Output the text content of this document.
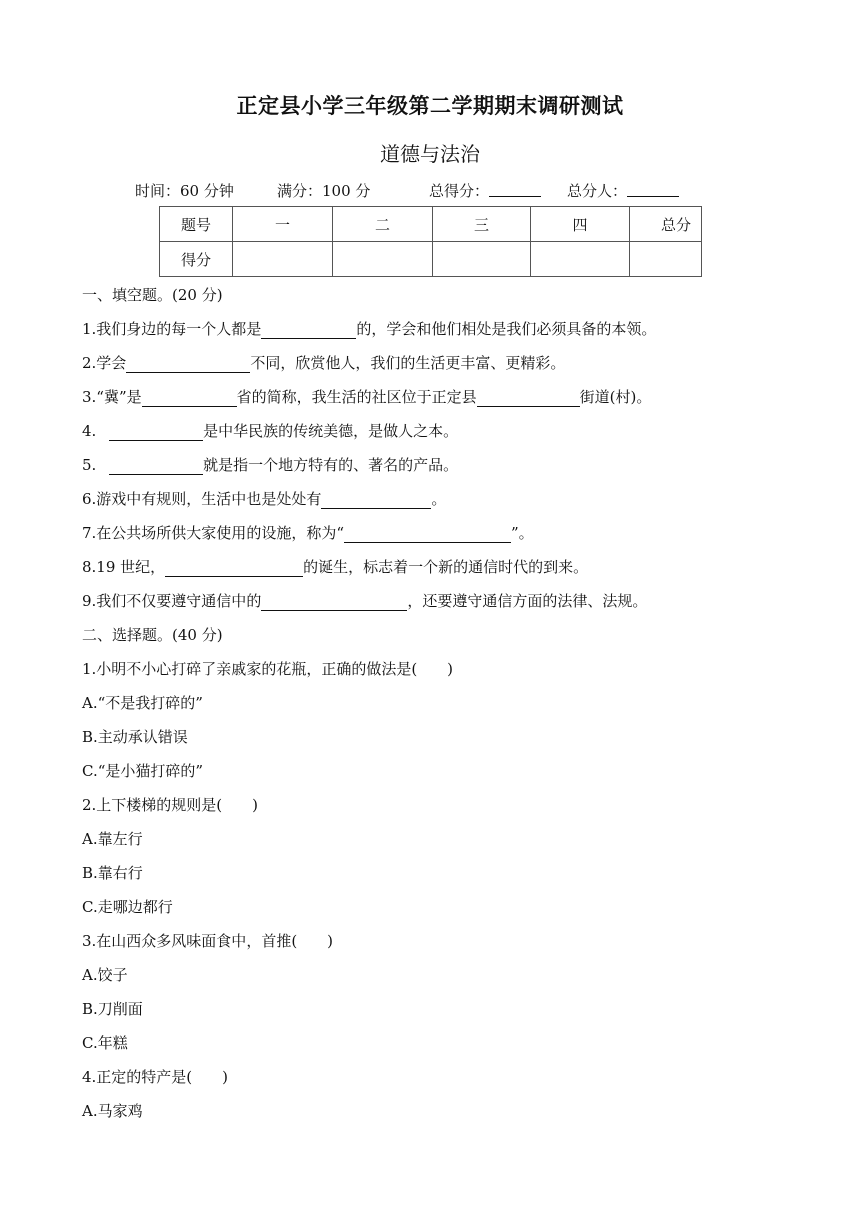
正定县小学三年级第二学期期末调研测试
道德与法治
时间：60 分钟	满分：100 分	总得分：	总分人：
题号	一	二	三	四	总分
得分					
一、填空题。(20 分)
1.我们身边的每一个人都是	的，学会和他们相处是我们必须具备的本领。
2.学会	不同，欣赏他人，我们的生活更丰富、更精彩。
3.“冀”是	省的简称，我生活的社区位于正定县	街道(村)。
4.	是中华民族的传统美德，是做人之本。
5.	就是指一个地方特有的、著名的产品。
6.游戏中有规则，生活中也是处处有	。
7.在公共场所供大家使用的设施，称为“	”。
8.19 世纪，	的诞生，标志着一个新的通信时代的到来。
9.我们不仅要遵守通信中的	，还要遵守通信方面的法律、法规。
二、选择题。(40 分)
1.小明不小心打碎了亲戚家的花瓶，正确的做法是(　　)
A.“不是我打碎的”
B.主动承认错误
C.“是小猫打碎的”
2.上下楼梯的规则是(　　)
A.靠左行
B.靠右行
C.走哪边都行
3.在山西众多风味面食中，首推(　　)
A.饺子
B.刀削面
C.年糕
4.正定的特产是(　　)
A.马家鸡
